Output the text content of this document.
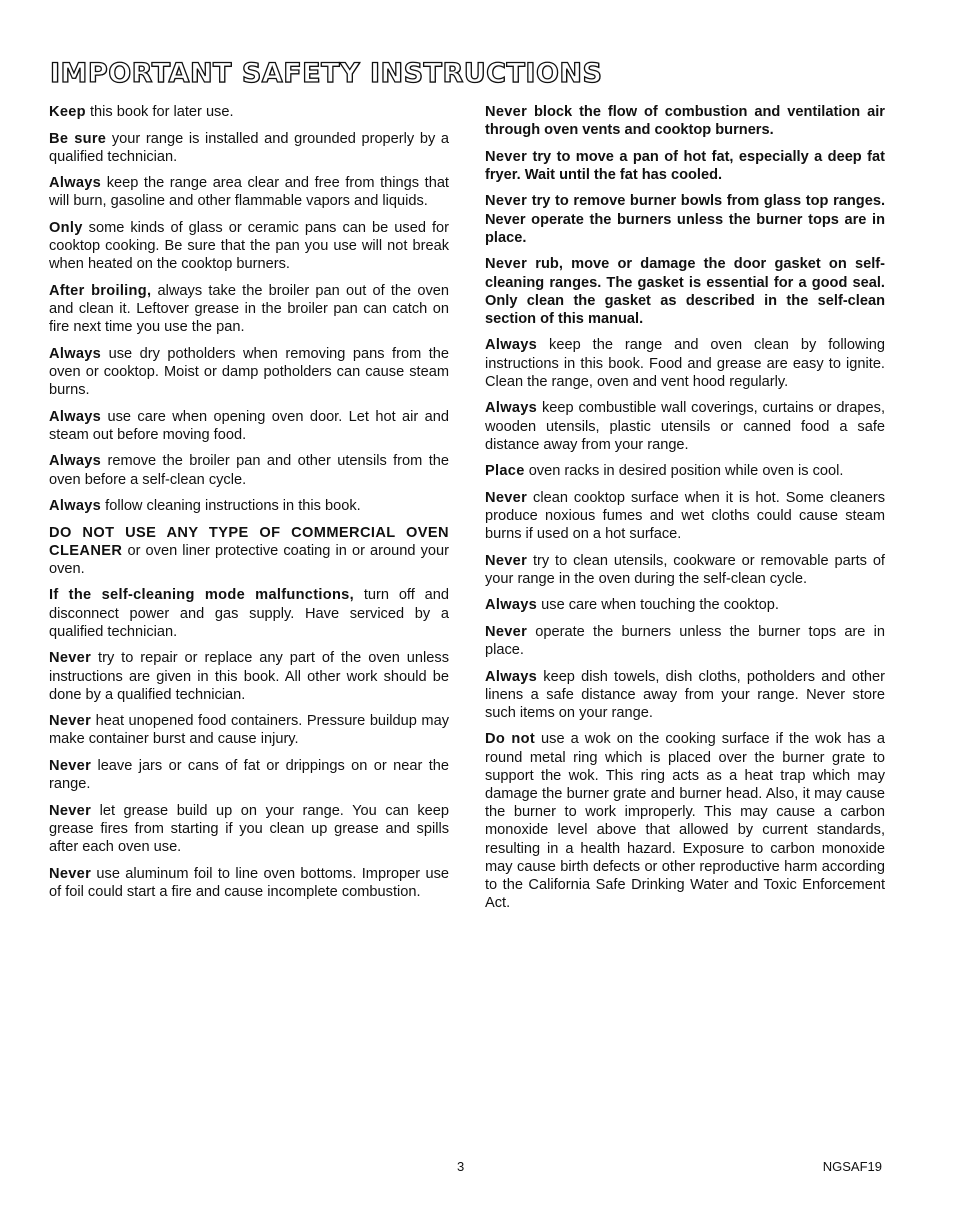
IMPORTANT SAFETY INSTRUCTIONS

Keep this book for later use.

Be sure your range is installed and grounded properly by a qualified technician.

Always keep the range area clear and free from things that will burn, gasoline and other flammable vapors and liquids.

Only some kinds of glass or ceramic pans can be used for cooktop cooking. Be sure that the pan you use will not break when heated on the cooktop burners.

After broiling, always take the broiler pan out of the oven and clean it. Leftover grease in the broiler pan can catch on fire next time you use the pan.

Always use dry potholders when removing pans from the oven or cooktop. Moist or damp potholders can cause steam burns.

Always use care when opening oven door. Let hot air and steam out before moving food.

Always remove the broiler pan and other utensils from the oven before a self-clean cycle.

Always follow cleaning instructions in this book.

DO NOT USE ANY TYPE OF COMMERCIAL OVEN CLEANER or oven liner protective coating in or around your oven.

If the self-cleaning mode malfunctions, turn off and disconnect power and gas supply. Have serviced by a qualified technician.

Never try to repair or replace any part of the oven unless instructions are given in this book. All other work should be done by a qualified technician.

Never heat unopened food containers. Pressure buildup may make container burst and cause injury.

Never leave jars or cans of fat or drippings on or near the range.

Never let grease build up on your range. You can keep grease fires from starting if you clean up grease and spills after each oven use.

Never use aluminum foil to line oven bottoms. Improper use of foil could start a fire and cause incomplete combustion.

Never block the flow of combustion and ventilation air through oven vents and cooktop burners.

Never try to move a pan of hot fat, especially a deep fat fryer. Wait until the fat has cooled.

Never try to remove burner bowls from glass top ranges. Never operate the burners unless the burner tops are in place.

Never rub, move or damage the door gasket on self-cleaning ranges. The gasket is essential for a good seal. Only clean the gasket as described in the self-clean section of this manual.

Always keep the range and oven clean by following instructions in this book. Food and grease are easy to ignite. Clean the range, oven and vent hood regularly.

Always keep combustible wall coverings, curtains or drapes, wooden utensils, plastic utensils or canned food a safe distance away from your range.

Place oven racks in desired position while oven is cool.

Never clean cooktop surface when it is hot. Some cleaners produce noxious fumes and wet cloths could cause steam burns if used on a hot surface.

Never try to clean utensils, cookware or removable parts of your range in the oven during the self-clean cycle.

Always use care when touching the cooktop.

Never operate the burners unless the burner tops are in place.

Always keep dish towels, dish cloths, potholders and other linens a safe distance away from your range. Never store such items on your range.

Do not use a wok on the cooking surface if the wok has a round metal ring which is placed over the burner grate to support the wok. This ring acts as a heat trap which may damage the burner grate and burner head. Also, it may cause the burner to work improperly. This may cause a carbon monoxide level above that allowed by current standards, resulting in a health hazard. Exposure to carbon monoxide may cause birth defects or other reproductive harm according to the California Safe Drinking Water and Toxic Enforcement Act.

3	NGSAF19
